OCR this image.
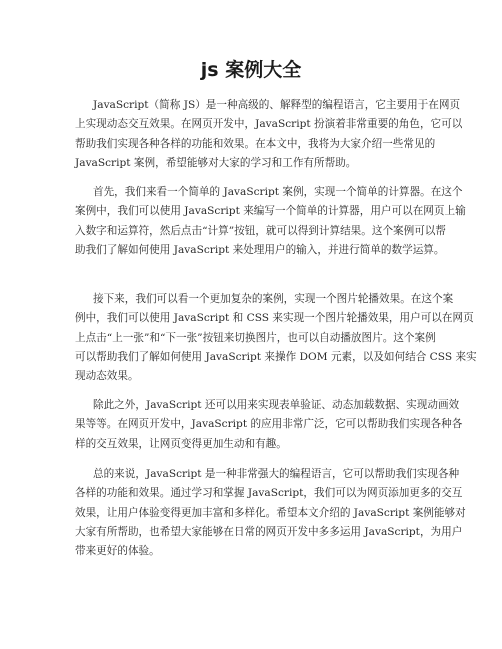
js 案例大全

JavaScript（简称 JS）是一种高级的、解释型的编程语言，它主要用于在网页
上实现动态交互效果。在网页开发中，JavaScript 扮演着非常重要的角色，它可以
帮助我们实现各种各样的功能和效果。在本文中，我将为大家介绍一些常见的
JavaScript 案例，希望能够对大家的学习和工作有所帮助。

首先，我们来看一个简单的 JavaScript 案例，实现一个简单的计算器。在这个
案例中，我们可以使用 JavaScript 来编写一个简单的计算器，用户可以在网页上输
入数字和运算符，然后点击“计算”按钮，就可以得到计算结果。这个案例可以帮
助我们了解如何使用 JavaScript 来处理用户的输入，并进行简单的数学运算。

接下来，我们可以看一个更加复杂的案例，实现一个图片轮播效果。在这个案
例中，我们可以使用 JavaScript 和 CSS 来实现一个图片轮播效果，用户可以在网页
上点击“上一张”和“下一张”按钮来切换图片，也可以自动播放图片。这个案例
可以帮助我们了解如何使用 JavaScript 来操作 DOM 元素，以及如何结合 CSS 来实
现动态效果。

除此之外，JavaScript 还可以用来实现表单验证、动态加载数据、实现动画效
果等等。在网页开发中，JavaScript 的应用非常广泛，它可以帮助我们实现各种各
样的交互效果，让网页变得更加生动和有趣。

总的来说，JavaScript 是一种非常强大的编程语言，它可以帮助我们实现各种
各样的功能和效果。通过学习和掌握 JavaScript，我们可以为网页添加更多的交互
效果，让用户体验变得更加丰富和多样化。希望本文介绍的 JavaScript 案例能够对
大家有所帮助，也希望大家能够在日常的网页开发中多多运用 JavaScript，为用户
带来更好的体验。
